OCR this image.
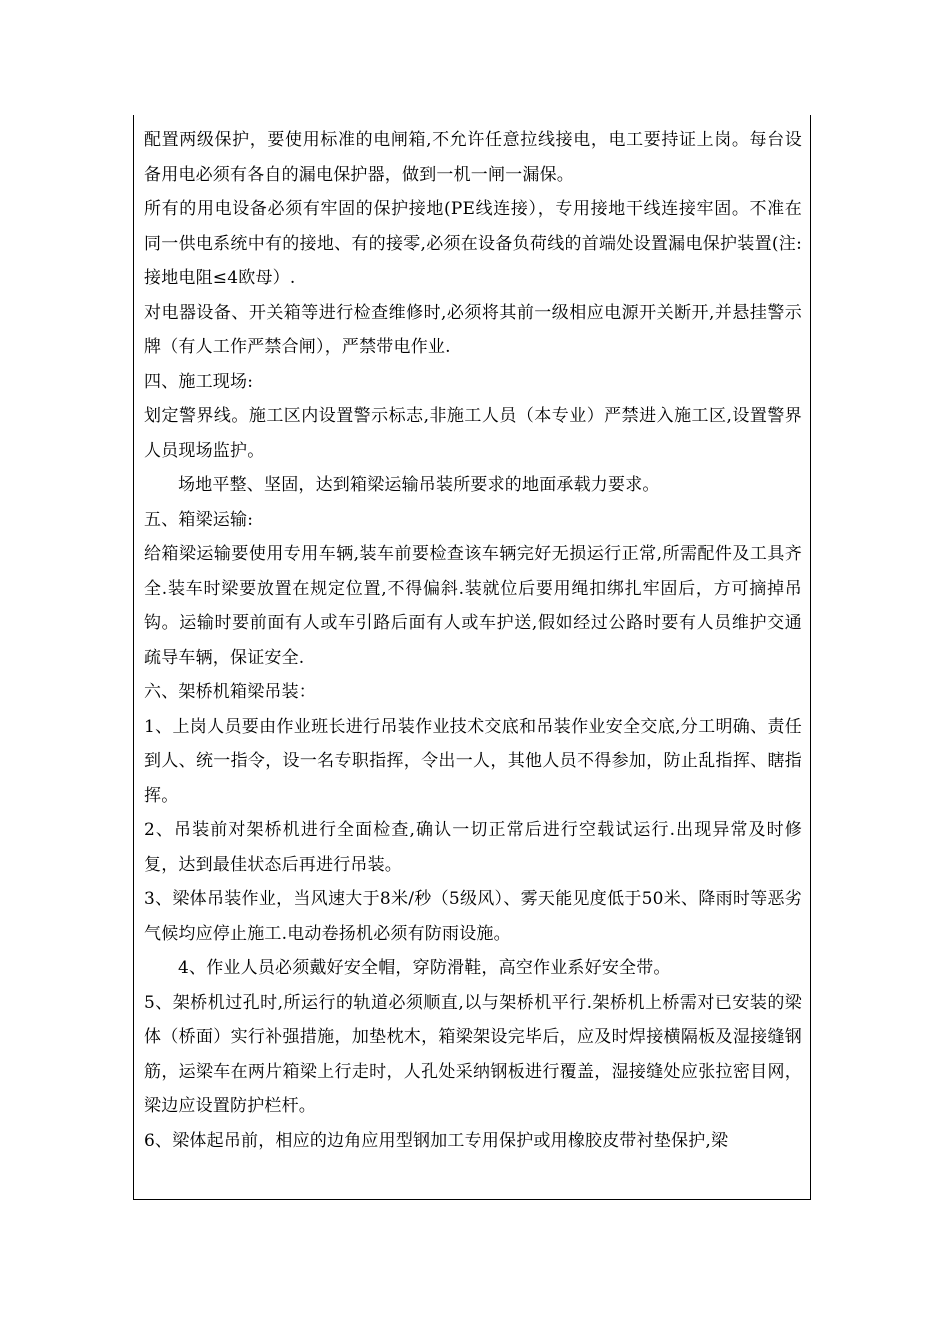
配置两级保护，要使用标准的电闸箱,不允许任意拉线接电，电工要持证上岗。每台设备用电必须有各自的漏电保护器，做到一机一闸一漏保。

所有的用电设备必须有牢固的保护接地(PE线连接），专用接地干线连接牢固。不准在同一供电系统中有的接地、有的接零,必须在设备负荷线的首端处设置漏电保护装置(注:接地电阻≤4欧母）.

对电器设备、开关箱等进行检查维修时,必须将其前一级相应电源开关断开,并悬挂警示牌（有人工作严禁合闸），严禁带电作业.

四、施工现场:

划定警界线。施工区内设置警示标志,非施工人员（本专业）严禁进入施工区,设置警界人员现场监护。

场地平整、坚固，达到箱梁运输吊装所要求的地面承载力要求。

五、箱梁运输:

给箱梁运输要使用专用车辆,装车前要检查该车辆完好无损运行正常,所需配件及工具齐全.装车时梁要放置在规定位置,不得偏斜.装就位后要用绳扣绑扎牢固后，方可摘掉吊钩。运输时要前面有人或车引路后面有人或车护送,假如经过公路时要有人员维护交通疏导车辆，保证安全.

六、架桥机箱梁吊装：

1、上岗人员要由作业班长进行吊装作业技术交底和吊装作业安全交底,分工明确、责任到人、统一指令，设一名专职指挥，令出一人，其他人员不得参加，防止乱指挥、瞎指挥。

2、吊装前对架桥机进行全面检查,确认一切正常后进行空载试运行.出现异常及时修复，达到最佳状态后再进行吊装。

3、梁体吊装作业，当风速大于8米/秒（5级风）、雾天能见度低于50米、降雨时等恶劣气候均应停止施工.电动卷扬机必须有防雨设施。

4、作业人员必须戴好安全帽，穿防滑鞋，高空作业系好安全带。

5、架桥机过孔时,所运行的轨道必须顺直,以与架桥机平行.架桥机上桥需对已安装的梁体（桥面）实行补强措施，加垫枕木，箱梁架设完毕后，应及时焊接横隔板及湿接缝钢筋，运梁车在两片箱梁上行走时，人孔处采纳钢板进行覆盖，湿接缝处应张拉密目网，梁边应设置防护栏杆。

6、梁体起吊前，相应的边角应用型钢加工专用保护或用橡胶皮带衬垫保护,梁
